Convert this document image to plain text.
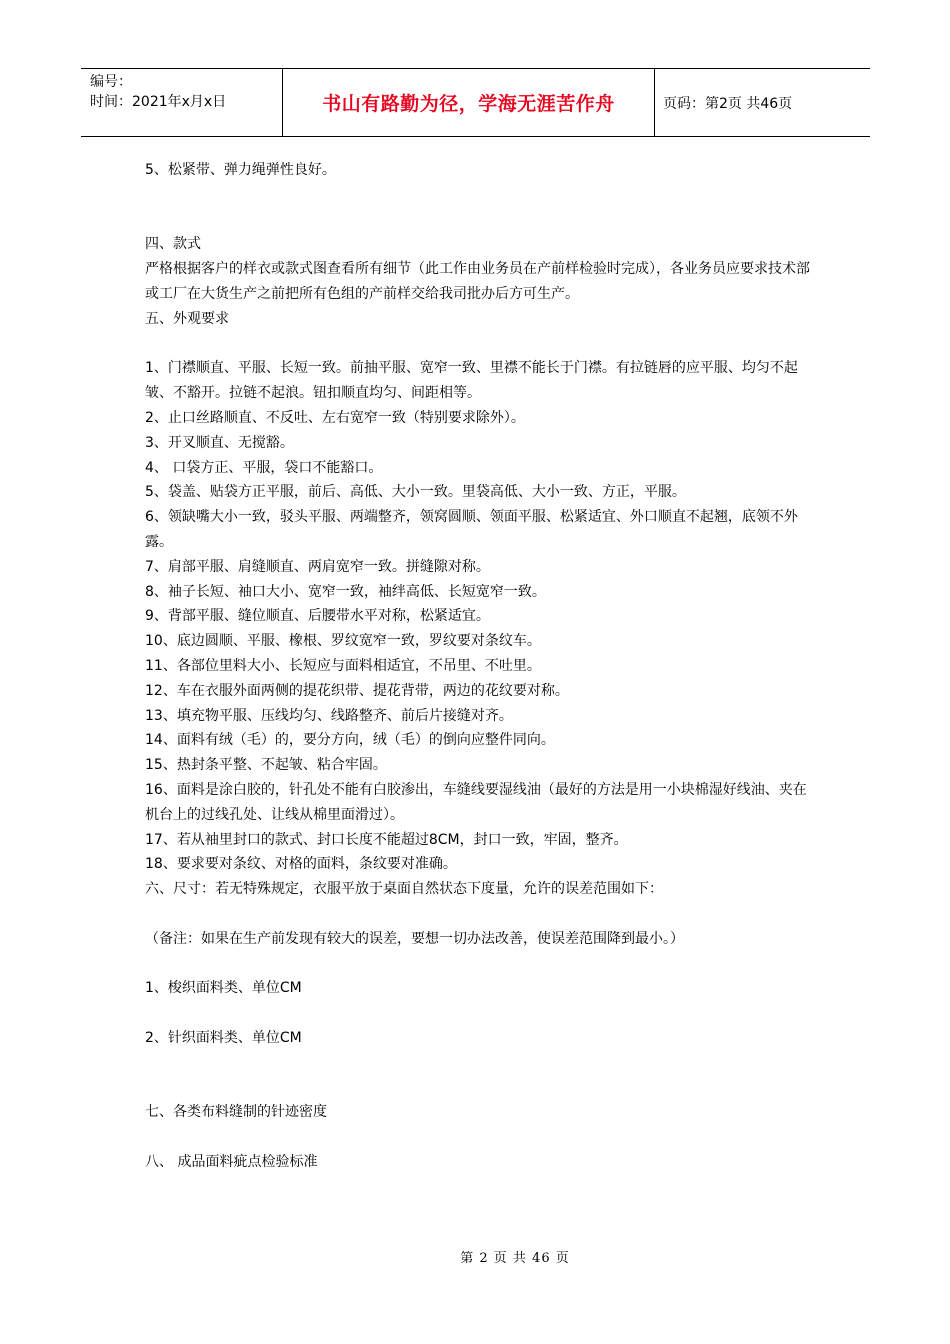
编号：
时间：2021年x月x日	书山有路勤为径，学海无涯苦作舟	页码：第2页 共46页

5、松紧带、弹力绳弹性良好。

四、款式

严格根据客户的样衣或款式图查看所有细节（此工作由业务员在产前样检验时完成），各业务员应要求技术部或工厂在大货生产之前把所有色组的产前样交给我司批办后方可生产。

五、外观要求

1、门襟顺直、平服、长短一致。前抽平服、宽窄一致、里襟不能长于门襟。有拉链唇的应平服、均匀不起皱、不豁开。拉链不起浪。钮扣顺直均匀、间距相等。

2、止口丝路顺直、不反吐、左右宽窄一致（特别要求除外）。

3、开叉顺直、无搅豁。

4、 口袋方正、平服，袋口不能豁口。

5、袋盖、贴袋方正平服，前后、高低、大小一致。里袋高低、大小一致、方正，平服。

6、领缺嘴大小一致，驳头平服、两端整齐，领窝圆顺、领面平服、松紧适宜、外口顺直不起翘，底领不外露。

7、肩部平服、肩缝顺直、两肩宽窄一致。拼缝隙对称。

8、袖子长短、袖口大小、宽窄一致，袖绊高低、长短宽窄一致。

9、背部平服、缝位顺直、后腰带水平对称，松紧适宜。

10、底边圆顺、平服、橡根、罗纹宽窄一致，罗纹要对条纹车。

11、各部位里料大小、长短应与面料相适宜，不吊里、不吐里。

12、车在衣服外面两侧的提花织带、提花背带，两边的花纹要对称。

13、填充物平服、压线均匀、线路整齐、前后片接缝对齐。

14、面料有绒（毛）的，要分方向，绒（毛）的倒向应整件同向。

15、热封条平整、不起皱、粘合牢固。

16、面料是涂白胶的，针孔处不能有白胶渗出，车缝线要湿线油（最好的方法是用一小块棉湿好线油、夹在机台上的过线孔处、让线从棉里面滑过）。

17、若从袖里封口的款式、封口长度不能超过8CM，封口一致，牢固，整齐。

18、要求要对条纹、对格的面料，条纹要对准确。

六、尺寸：若无特殊规定，衣服平放于桌面自然状态下度量，允许的误差范围如下：

（备注：如果在生产前发现有较大的误差，要想一切办法改善，使误差范围降到最小。）

1、梭织面料类、单位CM

2、针织面料类、单位CM

七、各类布料缝制的针迹密度

八、 成品面料疵点检验标准

第 2 页 共 46 页
